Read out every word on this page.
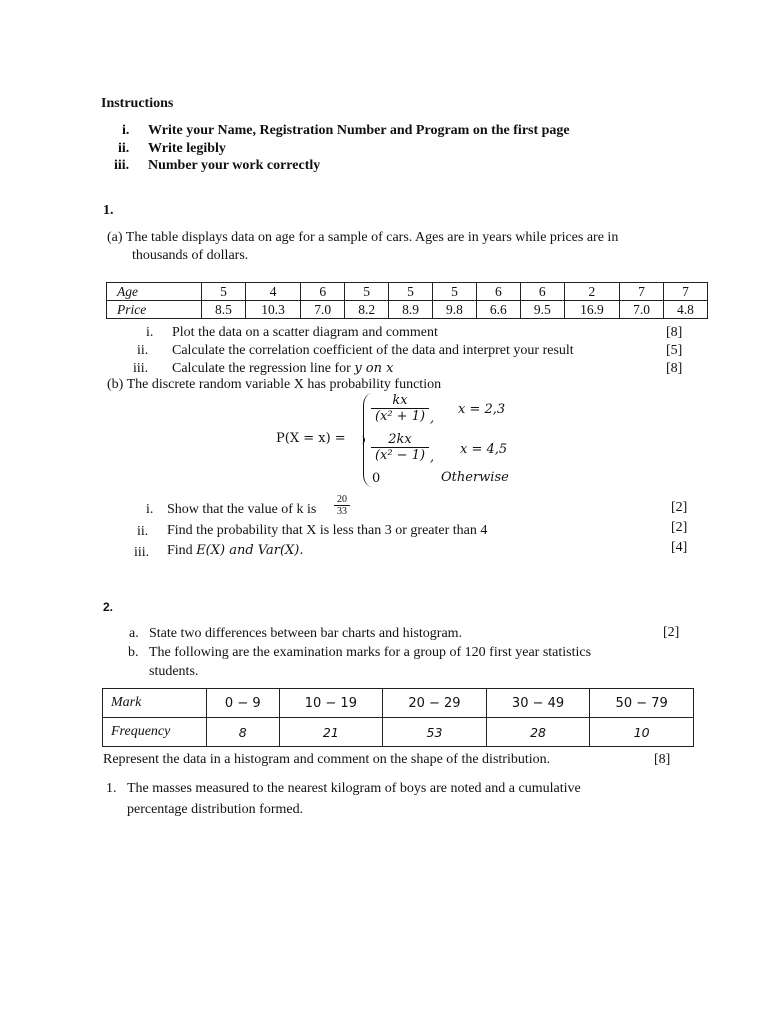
Instructions
i. Write your Name, Registration Number and Program on the first page
ii. Write legibly
iii. Number your work correctly
1.
(a) The table displays data on age for a sample of cars. Ages are in years while prices are in
thousands of dollars.
Age	5	4	6	5	5	5	6	6	2	7	7
Price	8.5	10.3	7.0	8.2	8.9	9.8	6.6	9.5	16.9	7.0	4.8
i. Plot the data on a scatter diagram and comment	[8]
ii. Calculate the correlation coefficient of the data and interpret your result	[5]
iii. Calculate the regression line for y on x	[8]
(b) The discrete random variable X has probability function
P(X = x) =
$\frac{kx}{\text{(x² + 1)}}$ ,
x = 2,3
$\frac{2kx}{\text{(x² − 1)}}$ ,
x = 4,5
0	Otherwise
i. Show that the value of k is $\frac{20}{33}$	[2]
ii. Find the probability that X is less than 3 or greater than 4	[2]
iii. Find E(X) and Var(X).	[4]
2.
a. State two differences between bar charts and histogram.	[2]
b. The following are the examination marks for a group of 120 first year statistics
students.
Mark	0 − 9	10 − 19	20 − 29	30 − 49	50 − 79
Frequency	8	21	53	28	10
Represent the data in a histogram and comment on the shape of the distribution.	[8]
1. The masses measured to the nearest kilogram of boys are noted and a cumulative
percentage distribution formed.
